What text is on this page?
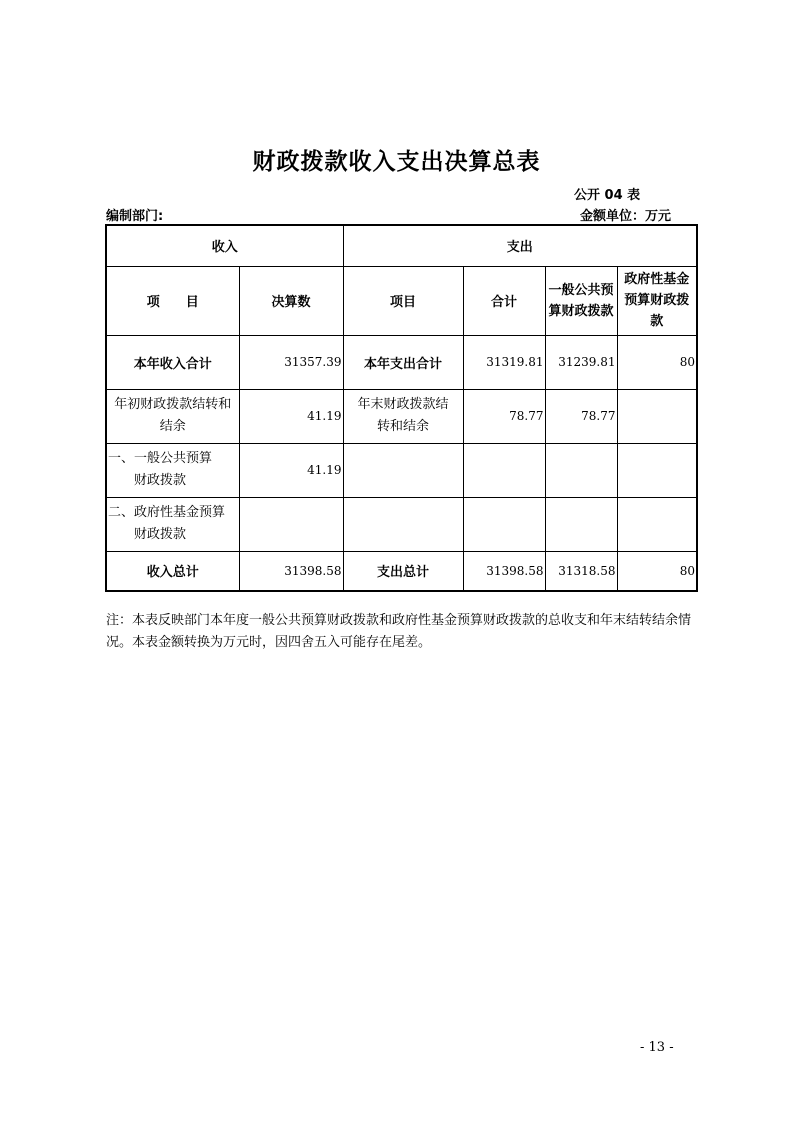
财政拨款收入支出决算总表
公开 04 表
编制部门:	金额单位：万元
收入		支出			
项　　目	决算数	项目	合计	一般公共预算财政拨款	政府性基金预算财政拨款
本年收入合计	31357.39	本年支出合计	31319.81	31239.81	80
年初财政拨款结转和结余	41.19	年末财政拨款结转和结余	78.77	78.77	

一、一般公共预算财政拨款	41.19				

二、政府性基金预算财政拨款					

收入总计	31398.58	支出总计	31398.58	31318.58	80

注：本表反映部门本年度一般公共预算财政拨款和政府性基金预算财政拨款的总收支和年末结转结余情况。本表金额转换为万元时，因四舍五入可能存在尾差。

- 13 -
